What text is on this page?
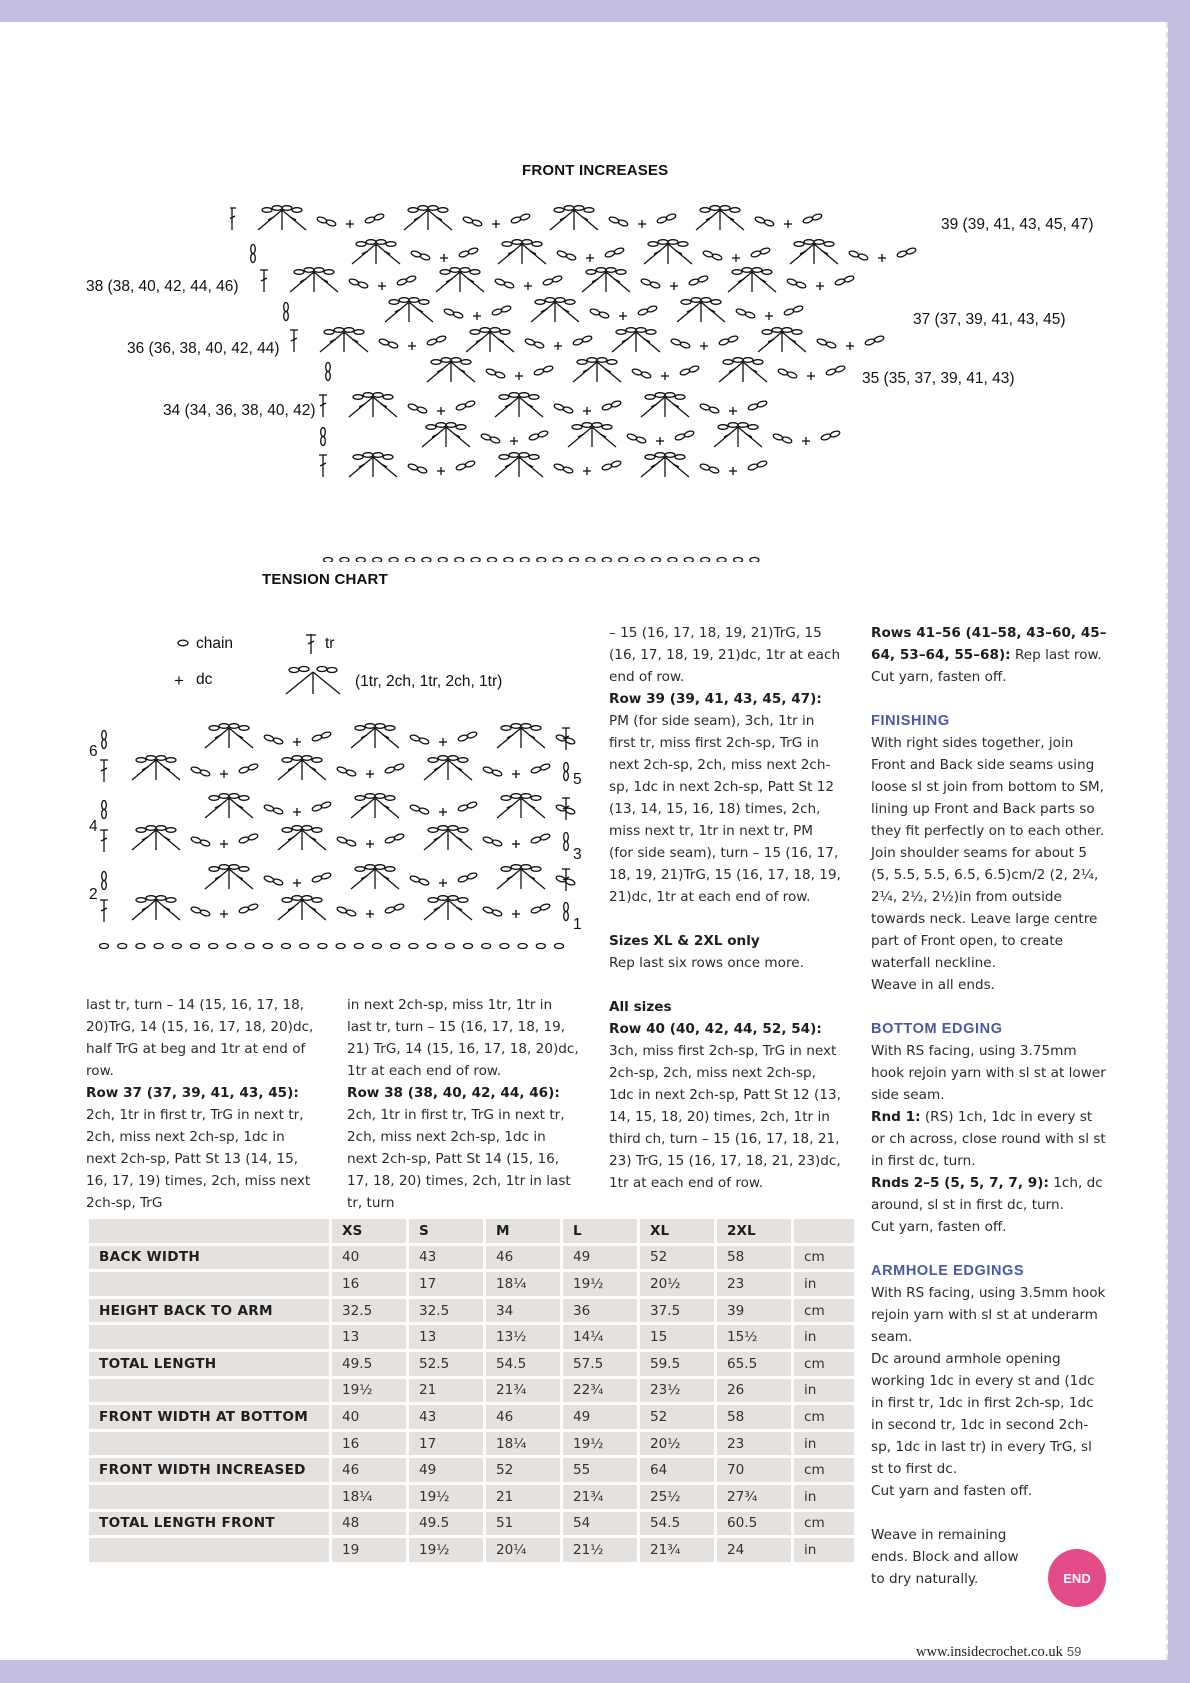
FRONT INCREASES
39 (39, 41, 43, 45, 47)
38 (38, 40, 42, 44, 46)
37 (37, 39, 41, 43, 45)
36 (36, 38, 40, 42, 44)
35 (35, 37, 39, 41, 43)
34 (34, 36, 38, 40, 42)
TENSION CHART
chain
+ dc
tr
(1tr, 2ch, 1tr, 2ch, 1tr)
6
5
4
3
2
1

last tr, turn – 14 (15, 16, 17, 18, 20)TrG, 14 (15, 16, 17, 18, 20)dc, half TrG at beg and 1tr at end of row.

Row 37 (37, 39, 41, 43, 45): 2ch, 1tr in first tr, TrG in next tr, 2ch, miss next 2ch-sp, 1dc in next 2ch-sp, Patt St 13 (14, 15, 16, 17, 19) times, 2ch, miss next 2ch-sp, TrG

in next 2ch-sp, miss 1tr, 1tr in last tr, turn – 15 (16, 17, 18, 19, 21) TrG, 14 (15, 16, 17, 18, 20)dc, 1tr at each end of row.

Row 38 (38, 40, 42, 44, 46): 2ch, 1tr in first tr, TrG in next tr, 2ch, miss next 2ch-sp, 1dc in next 2ch-sp, Patt St 14 (15, 16, 17, 18, 20) times, 2ch, 1tr in last tr, turn

– 15 (16, 17, 18, 19, 21)TrG, 15 (16, 17, 18, 19, 21)dc, 1tr at each end of row.

Row 39 (39, 41, 43, 45, 47): PM (for side seam), 3ch, 1tr in first tr, miss first 2ch-sp, TrG in next 2ch-sp, 2ch, miss next 2ch-sp, 1dc in next 2ch-sp, Patt St 12 (13, 14, 15, 16, 18) times, 2ch, miss next tr, 1tr in next tr, PM (for side seam), turn – 15 (16, 17, 18, 19, 21)TrG, 15 (16, 17, 18, 19, 21)dc, 1tr at each end of row.

Sizes XL & 2XL only

Rep last six rows once more.

All sizes

Row 40 (40, 42, 44, 52, 54):

3ch, miss first 2ch-sp, TrG in next 2ch-sp, 2ch, miss next 2ch-sp, 1dc in next 2ch-sp, Patt St 12 (13, 14, 15, 18, 20) times, 2ch, 1tr in third ch, turn – 15 (16, 17, 18, 21, 23) TrG, 15 (16, 17, 18, 21, 23)dc, 1tr at each end of row.

Rows 41–56 (41–58, 43–60, 45–64, 53–64, 55–68): Rep last row.

Cut yarn, fasten off.

FINISHING

With right sides together, join Front and Back side seams using loose sl st join from bottom to SM, lining up Front and Back parts so they fit perfectly on to each other. Join shoulder seams for about 5 (5, 5.5, 5.5, 6.5, 6.5)cm/2 (2, 2¼, 2¼, 2½, 2½)in from outside towards neck. Leave large centre part of Front open, to create waterfall neckline.

Weave in all ends.

BOTTOM EDGING

With RS facing, using 3.75mm hook rejoin yarn with sl st at lower side seam.

Rnd 1: (RS) 1ch, 1dc in every st or ch across, close round with sl st in first dc, turn.

Rnds 2–5 (5, 5, 7, 7, 9): 1ch, dc around, sl st in first dc, turn.

Cut yarn, fasten off.

ARMHOLE EDGINGS

With RS facing, using 3.5mm hook rejoin yarn with sl st at underarm seam.

Dc around armhole opening working 1dc in every st and (1dc in first tr, 1dc in first 2ch-sp, 1dc in second tr, 1dc in second 2ch-sp, 1dc in last tr) in every TrG, sl st to first dc.

Cut yarn and fasten off.

Weave in remaining ends. Block and allow to dry naturally.	END
	XS	S	M	L	XL	2XL	
BACK WIDTH	40	43	46	49	52	58	cm
	16	17	18¼	19½	20½	23	in
HEIGHT BACK TO ARM	32.5	32.5	34	36	37.5	39	cm
	13	13	13½	14¼	15	15½	in
TOTAL LENGTH	49.5	52.5	54.5	57.5	59.5	65.5	cm
	19½	21	21¾	22¾	23½	26	in
FRONT WIDTH AT BOTTOM	40	43	46	49	52	58	cm
	16	17	18¼	19½	20½	23	in
FRONT WIDTH INCREASED	46	49	52	55	64	70	cm
	18¼	19½	21	21¾	25½	27¾	in
TOTAL LENGTH FRONT	48	49.5	51	54	54.5	60.5	cm
	19	19½	20¼	21½	21¾	24	in
www.insidecrochet.co.uk 59
